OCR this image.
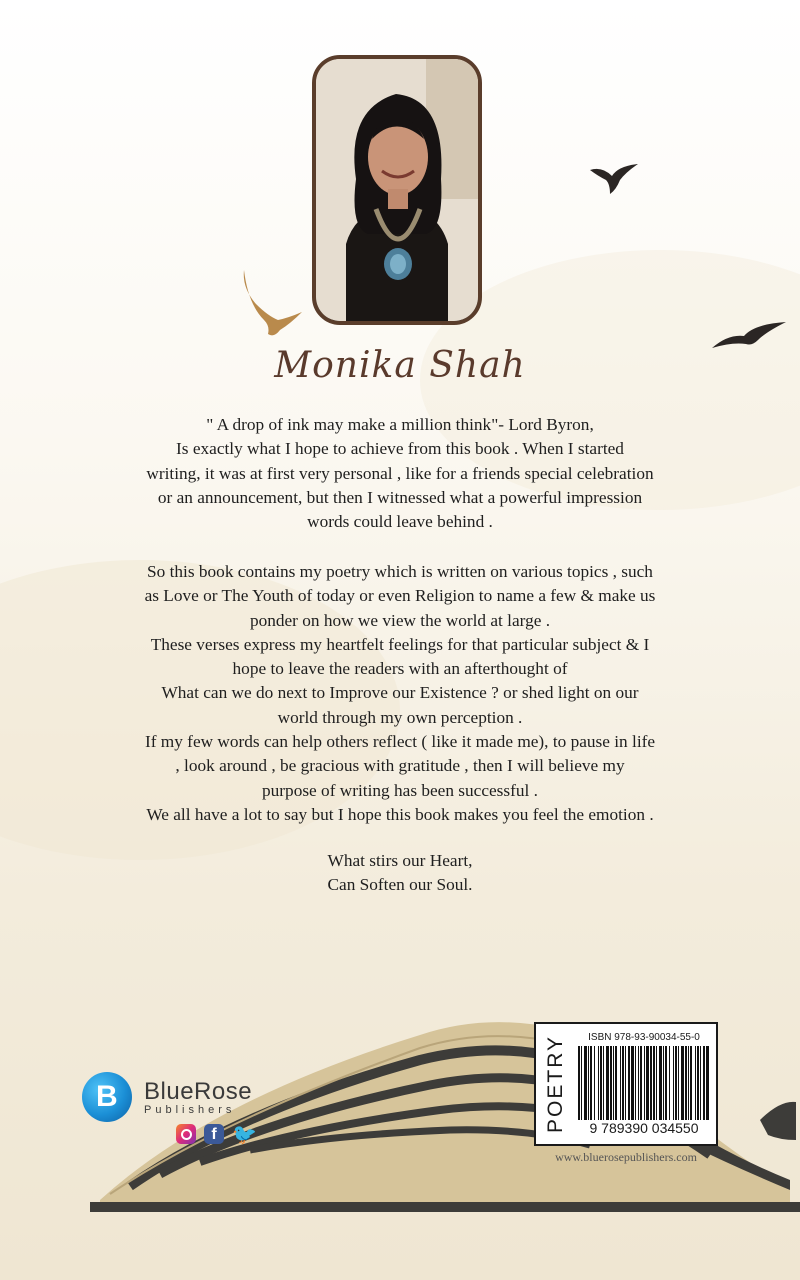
Monika Shah
" A drop of ink may make a million think"- Lord Byron,
Is exactly what I hope to achieve from this book . When I started
writing, it was at first very personal , like for a friends special celebration
or an announcement, but then I witnessed what a powerful impression
words could leave behind .
So this book contains my poetry which is written on various topics , such
as Love or The Youth of today or even Religion to name a few & make us
ponder on how we view the world at large .
These verses express my heartfelt feelings for that particular subject & I
hope to leave the readers with an afterthought of
What can we do next to Improve our Existence ? or shed light on our
world through my own perception .
If my few words can help others reflect ( like it made me), to pause in life
, look around , be gracious with gratitude , then I will believe my
purpose of writing has been successful .
We all have a lot to say but I hope this book makes you feel the emotion .
What stirs our Heart,
Can Soften our Soul.
B BlueRose
Publishers
f 🐦
POETRY	ISBN 978-93-90034-55-0
9 789390 034550
www.bluerosepublishers.com
